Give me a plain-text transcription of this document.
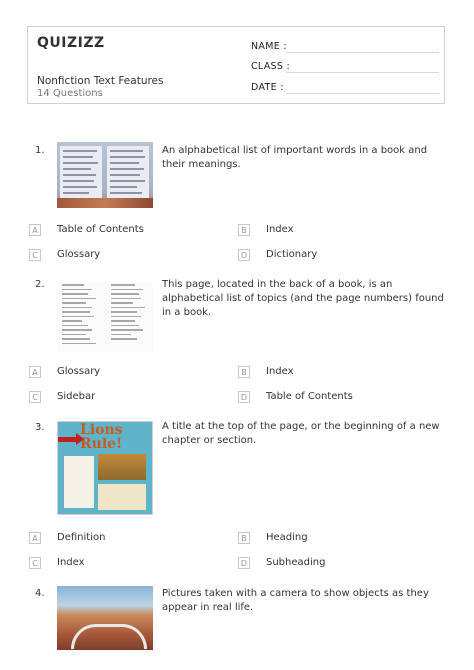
QUIZIZZ
Nonfiction Text Features
14 Questions
NAME :
CLASS :
DATE :
1.	An alphabetical list of important words in a book and their meanings.
A	Table of Contents	B	Index
C	Glossary	D Dictionary
2.	This page, located in the back of a book, is an alphabetical list of topics (and the page numbers) found in a book.
A	Glossary	B	Index
C	Sidebar	D Table of Contents
3.	Lions Rule!
A title at the top of the page, or the beginning of a new chapter or section.
A	Definition	B	Heading
C	Index	D Subheading
4.	Pictures taken with a camera to show objects as they appear in real life.
